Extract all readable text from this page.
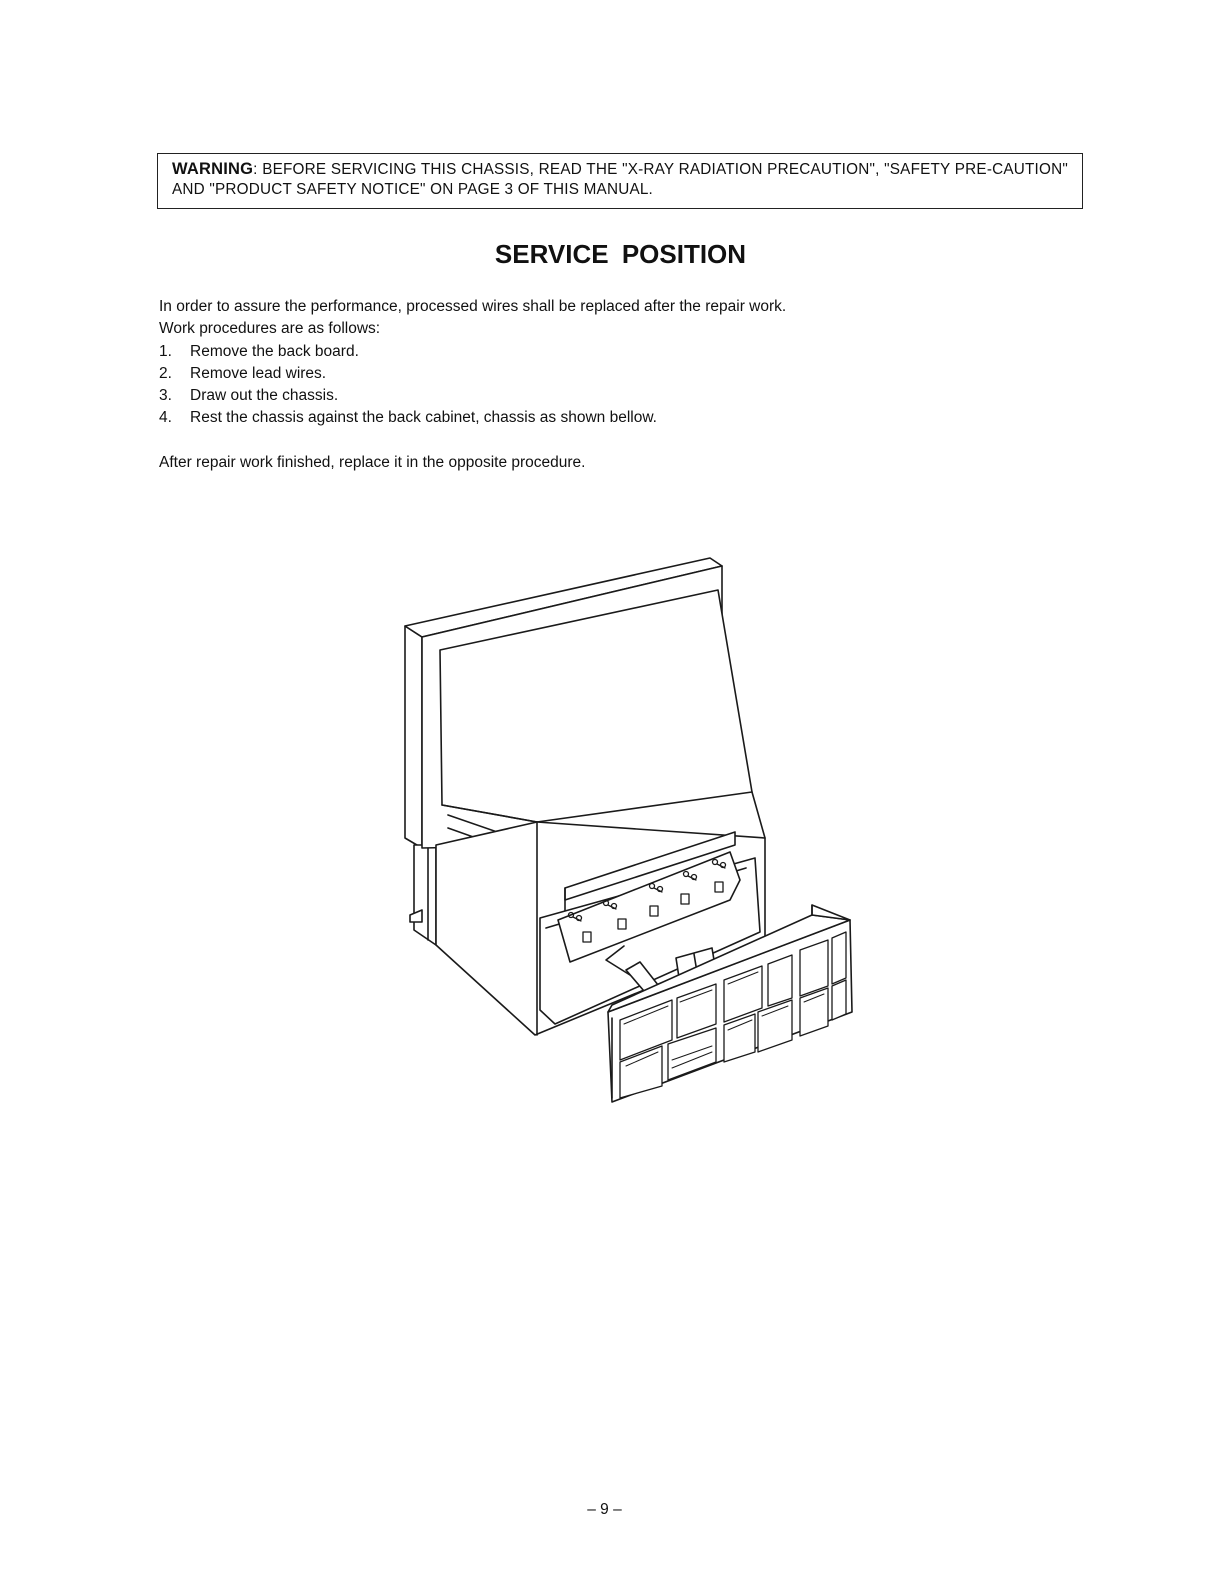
WARNING: BEFORE SERVICING THIS CHASSIS, READ THE "X-RAY RADIATION PRECAUTION", "SAFETY PRE-CAUTION" AND "PRODUCT SAFETY NOTICE" ON PAGE 3 OF THIS MANUAL.
SERVICE POSITION

In order to assure the performance, processed wires shall be replaced after the repair work.

Work procedures are as follows:

1. Remove the back board.
2. Remove lead wires.
3. Draw out the chassis.
4. Rest the chassis against the back cabinet, chassis as shown bellow.

After repair work finished, replace it in the opposite procedure.

– 9 –
